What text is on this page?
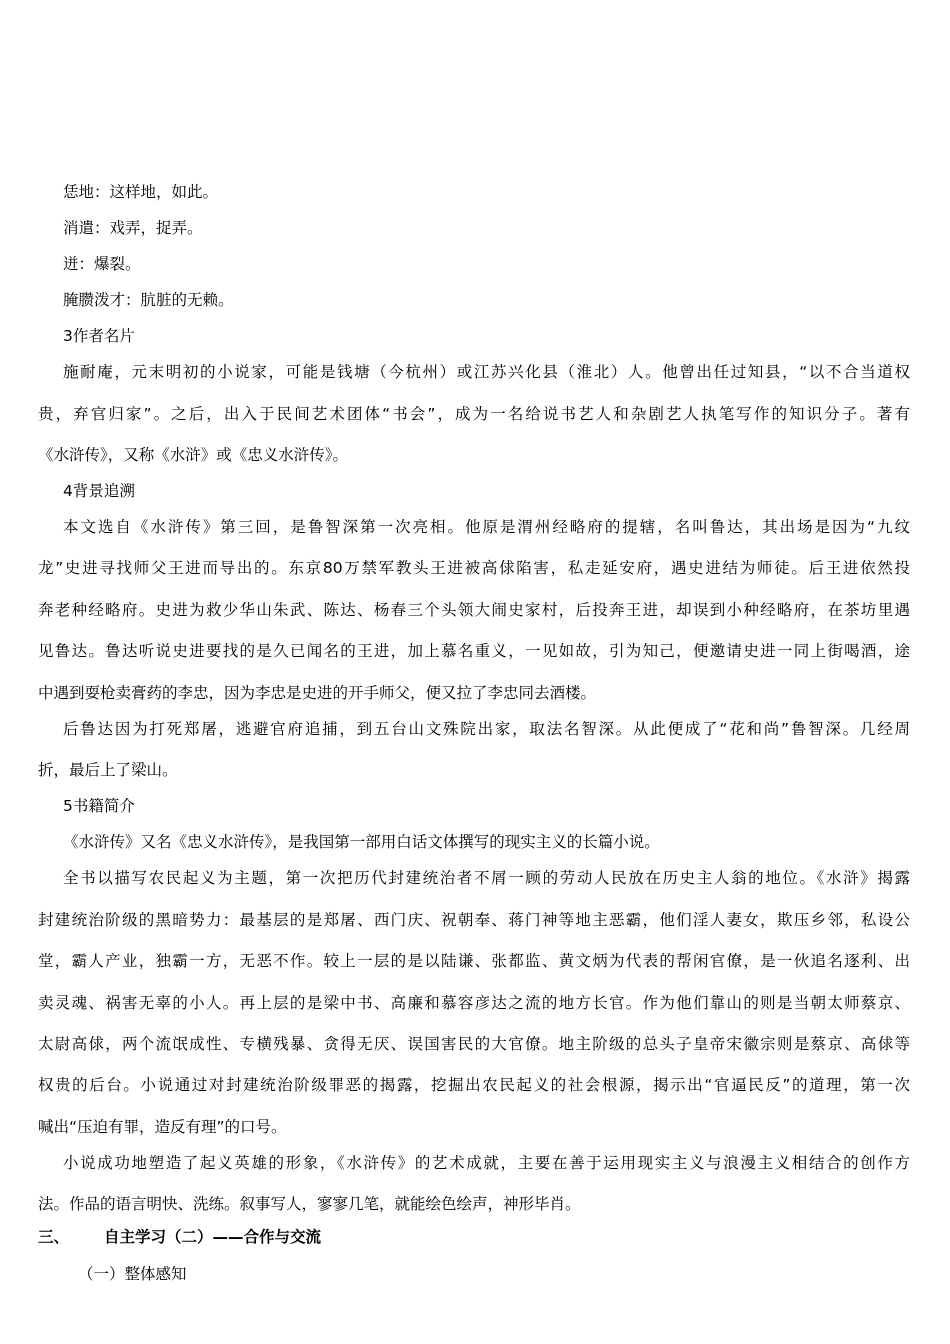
恁地：这样地，如此。
消遣：戏弄，捉弄。
迸：爆裂。
腌臜泼才：肮脏的无赖。
3作者名片
施耐庵，元末明初的小说家，可能是钱塘（今杭州）或江苏兴化县（淮北）人。他曾出任过知县，“以不合当道权
贵，弃官归家”。之后，出入于民间艺术团体“书会”，成为一名给说书艺人和杂剧艺人执笔写作的知识分子。著有
《水浒传》，又称《水浒》或《忠义水浒传》。
4背景追溯
本文选自《水浒传》第三回，是鲁智深第一次亮相。他原是渭州经略府的提辖，名叫鲁达，其出场是因为“九纹
龙”史进寻找师父王进而导出的。东京80万禁军教头王进被高俅陷害，私走延安府，遇史进结为师徒。后王进依然投
奔老种经略府。史进为救少华山朱武、陈达、杨春三个头领大闹史家村，后投奔王进，却误到小种经略府，在茶坊里遇
见鲁达。鲁达听说史进要找的是久已闻名的王进，加上慕名重义，一见如故，引为知己，便邀请史进一同上街喝酒，途
中遇到耍枪卖膏药的李忠，因为李忠是史进的开手师父，便又拉了李忠同去酒楼。
后鲁达因为打死郑屠，逃避官府追捕，到五台山文殊院出家，取法名智深。从此便成了“花和尚”鲁智深。几经周
折，最后上了梁山。
5书籍简介
《水浒传》又名《忠义水浒传》，是我国第一部用白话文体撰写的现实主义的长篇小说。
全书以描写农民起义为主题，第一次把历代封建统治者不屑一顾的劳动人民放在历史主人翁的地位。《水浒》揭露
封建统治阶级的黑暗势力：最基层的是郑屠、西门庆、祝朝奉、蒋门神等地主恶霸，他们淫人妻女，欺压乡邻，私设公
堂，霸人产业，独霸一方，无恶不作。较上一层的是以陆谦、张都监、黄文炳为代表的帮闲官僚，是一伙追名逐利、出
卖灵魂、祸害无辜的小人。再上层的是梁中书、高廉和慕容彦达之流的地方长官。作为他们靠山的则是当朝太师蔡京、
太尉高俅，两个流氓成性、专横残暴、贪得无厌、误国害民的大官僚。地主阶级的总头子皇帝宋徽宗则是蔡京、高俅等
权贵的后台。小说通过对封建统治阶级罪恶的揭露，挖掘出农民起义的社会根源，揭示出“官逼民反”的道理，第一次
喊出“压迫有罪，造反有理”的口号。
小说成功地塑造了起义英雄的形象，《水浒传》的艺术成就，主要在善于运用现实主义与浪漫主义相结合的创作方
法。作品的语言明快、洗练。叙事写人，寥寥几笔，就能绘色绘声，神形毕肖。
三、 自主学习（二）——合作与交流
（一）整体感知
